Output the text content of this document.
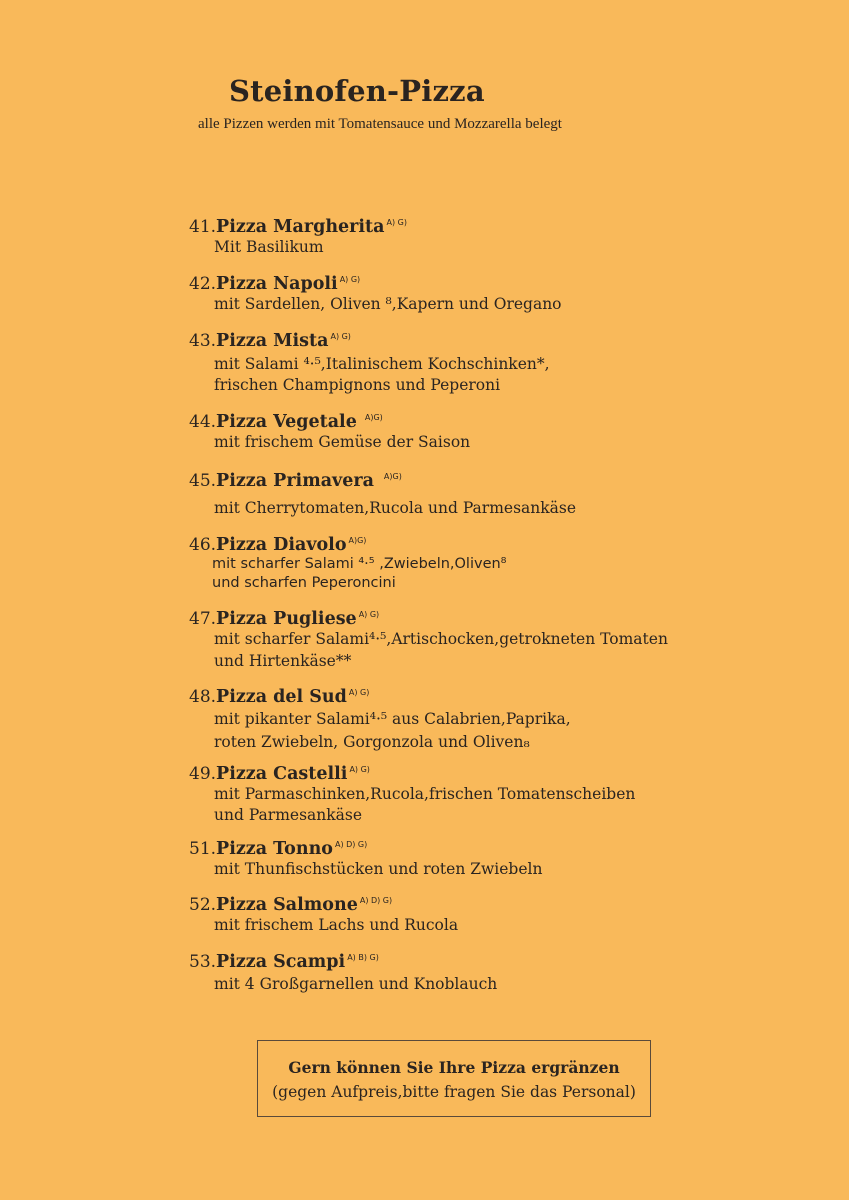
Steinofen-Pizza
alle Pizzen werden mit Tomatensauce und Mozzarella belegt
41.Pizza Margherita $^{A) G)}$
Mit Basilikum
42.Pizza Napoli $^{A) G)}$
mit Sardellen, Oliven ⁸,Kapern und Oregano
43.Pizza Mista $^{A) G)}$
mit Salami ⁴·⁵,Italinischem Kochschinken*,
frischen Champignons und Peperoni
44.Pizza Vegetale $^{A)G)}$
mit frischem Gemüse der Saison
45.Pizza Primavera $^{A)G)}$
mit Cherrytomaten,Rucola und Parmesankäse
46.Pizza Diavolo $^{A)G)}$
mit scharfer Salami ⁴·⁵ ,Zwiebeln,Oliven⁸
und scharfen Peperoncini
47.Pizza Pugliese $^{A) G)}$
mit scharfer Salami⁴·⁵,Artischocken,getrokneten Tomaten
und Hirtenkäse**
48.Pizza del Sud $^{A) G)}$
mit pikanter Salami⁴·⁵ aus Calabrien,Paprika,
roten Zwiebeln, Gorgonzola und Oliven₈
49.Pizza Castelli $^{A) G)}$
mit Parmaschinken,Rucola,frischen Tomatenscheiben
und Parmesankäse
51.Pizza Tonno $^{A) D) G)}$
mit Thunfischstücken und roten Zwiebeln
52.Pizza Salmone $^{A) D) G)}$
mit frischem Lachs und Rucola
53.Pizza Scampi $^{A) B) G)}$
mit 4 Großgarnellen und Knoblauch
Gern können Sie Ihre Pizza ergränzen
(gegen Aufpreis,bitte fragen Sie das Personal)
